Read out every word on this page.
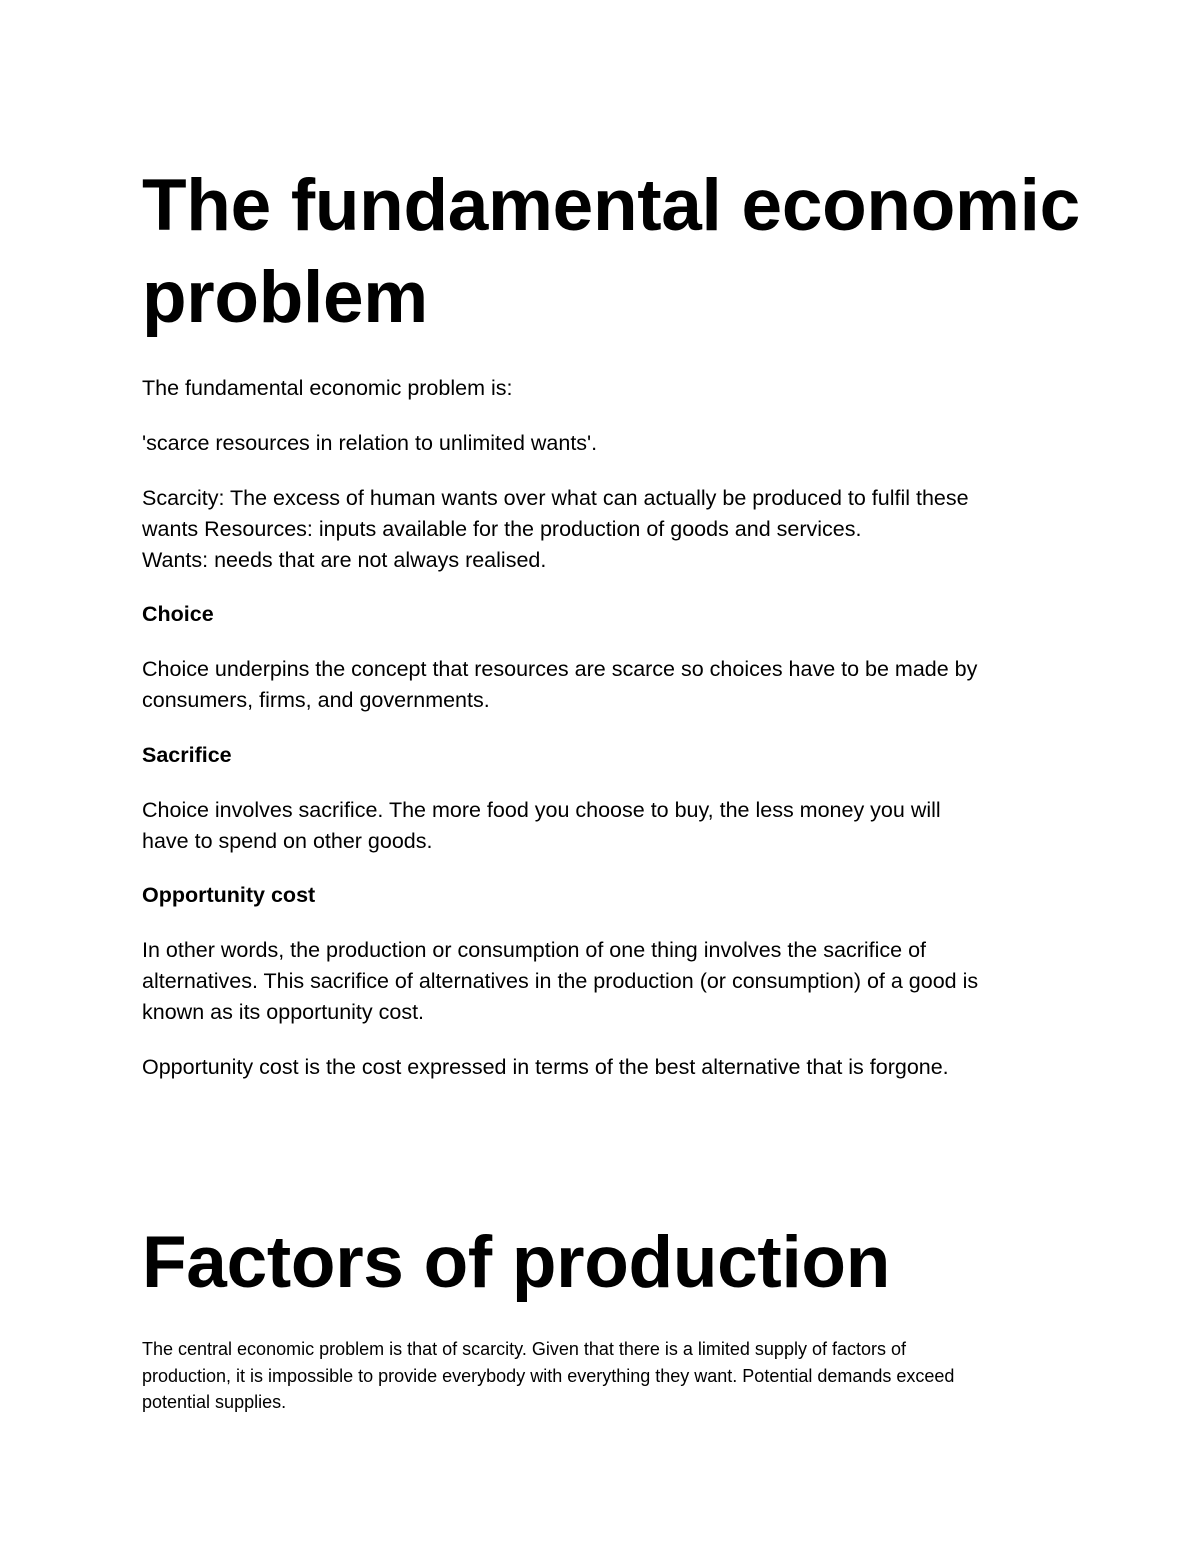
The fundamental economic
problem

The fundamental economic problem is:

'scarce resources in relation to unlimited wants'.

Scarcity: The excess of human wants over what can actually be produced to fulfil these
wants Resources: inputs available for the production of goods and services.
Wants: needs that are not always realised.

Choice

Choice underpins the concept that resources are scarce so choices have to be made by
consumers, firms, and governments.

Sacrifice

Choice involves sacrifice. The more food you choose to buy, the less money you will
have to spend on other goods.

Opportunity cost

In other words, the production or consumption of one thing involves the sacrifice of
alternatives. This sacrifice of alternatives in the production (or consumption) of a good is
known as its opportunity cost.

Opportunity cost is the cost expressed in terms of the best alternative that is forgone.

Factors of production

The central economic problem is that of scarcity. Given that there is a limited supply of factors of
production, it is impossible to provide everybody with everything they want. Potential demands exceed
potential supplies.
